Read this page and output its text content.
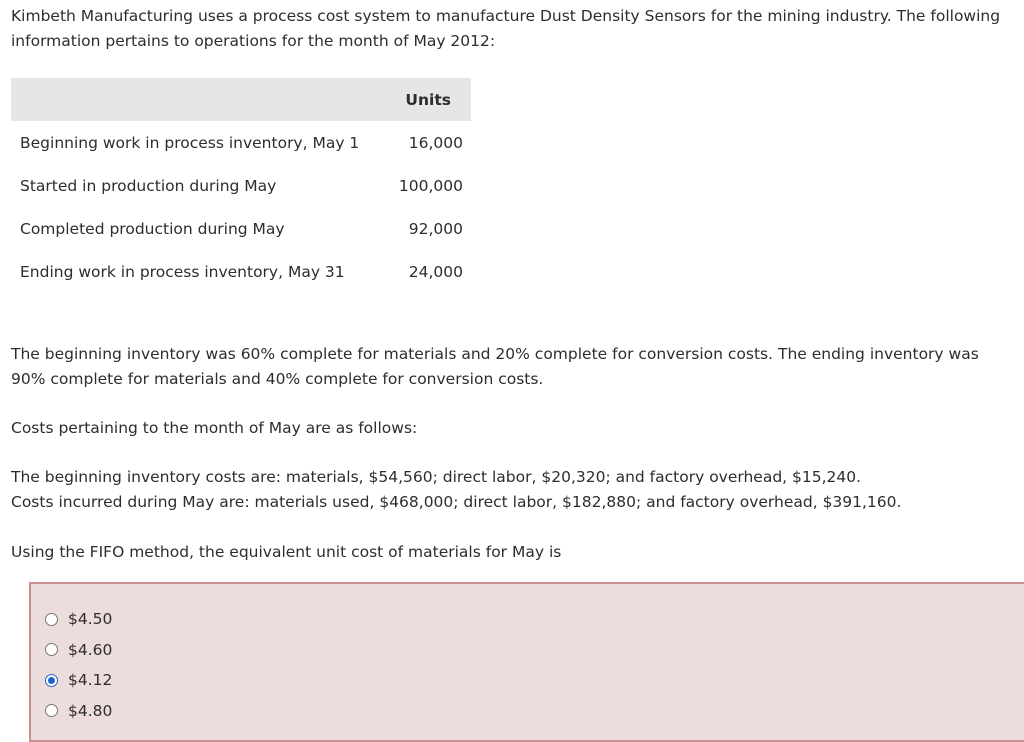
Kimbeth Manufacturing uses a process cost system to manufacture Dust Density Sensors for the mining industry. The following information pertains to operations for the month of May 2012:

	Units
Beginning work in process inventory, May 1	16,000
Started in production during May	100,000
Completed production during May	92,000
Ending work in process inventory, May 31	24,000

The beginning inventory was 60% complete for materials and 20% complete for conversion costs. The ending inventory was 90% complete for materials and 40% complete for conversion costs.

Costs pertaining to the month of May are as follows:

The beginning inventory costs are: materials, $54,560; direct labor, $20,320; and factory overhead, $15,240.

Costs incurred during May are: materials used, $468,000; direct labor, $182,880; and factory overhead, $391,160.

Using the FIFO method, the equivalent unit cost of materials for May is

$4.50
$4.60
$4.12
$4.80
